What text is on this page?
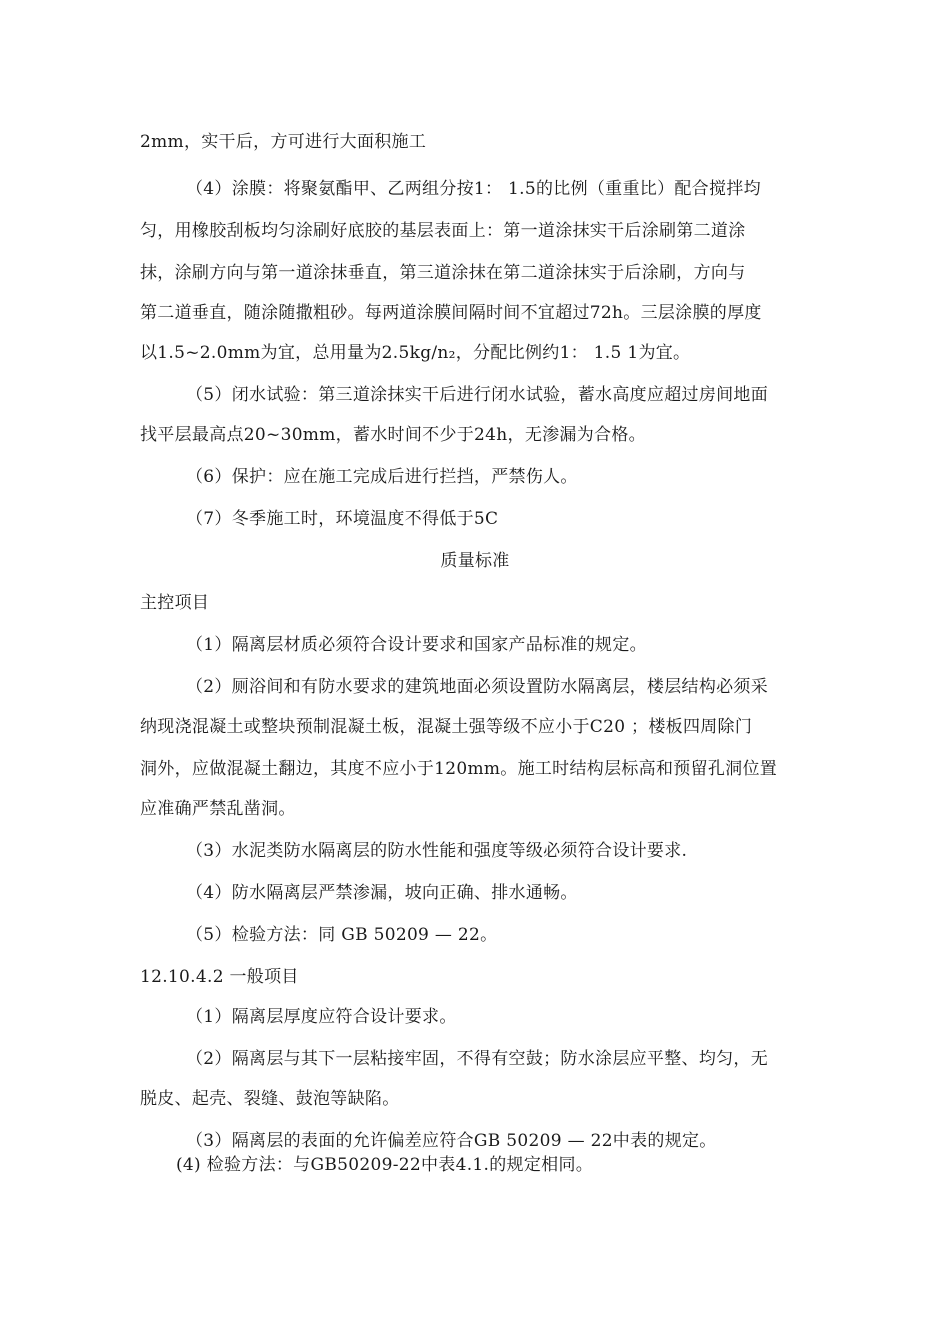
2mm，实干后，方可进行大面积施工
（4）涂膜：将聚氨酯甲、乙两组分按1： 1.5的比例（重重比）配合搅拌均
匀，用橡胶刮板均匀涂刷好底胶的基层表面上：第一道涂抹实干后涂刷第二道涂
抹，涂刷方向与第一道涂抹垂直，第三道涂抹在第二道涂抹实于后涂刷，方向与
第二道垂直，随涂随撒粗砂。每两道涂膜间隔时间不宜超过72h。三层涂膜的厚度
以1.5~2.0mm为宜，总用量为2.5kg/n₂，分配比例约1： 1.5 1为宜。
（5）闭水试验：第三道涂抹实干后进行闭水试验，蓄水高度应超过房间地面
找平层最高点20~30mm，蓄水时间不少于24h，无渗漏为合格。
（6）保护：应在施工完成后进行拦挡，严禁伤人。
（7）冬季施工时，环境温度不得低于5C
质量标准
主控项目
（1）隔离层材质必须符合设计要求和国家产品标准的规定。
（2）厕浴间和有防水要求的建筑地面必须设置防水隔离层，楼层结构必须采
纳现浇混凝土或整块预制混凝土板，混凝土强等级不应小于C20 ；楼板四周除门
洞外，应做混凝土翻边，其度不应小于120mm。施工时结构层标高和预留孔洞位置
应准确严禁乱凿洞。
（3）水泥类防水隔离层的防水性能和强度等级必须符合设计要求.
（4）防水隔离层严禁渗漏，坡向正确、排水通畅。
（5）检验方法：同 GB 50209 — 22。
12.10.4.2 一般项目
（1）隔离层厚度应符合设计要求。
（2）隔离层与其下一层粘接牢固，不得有空鼓；防水涂层应平整、均匀，无
脱皮、起壳、裂缝、鼓泡等缺陷。
（3）隔离层的表面的允许偏差应符合GB 50209 — 22中表的规定。
(4) 检验方法：与GB50209-22中表4.1.的规定相同。
